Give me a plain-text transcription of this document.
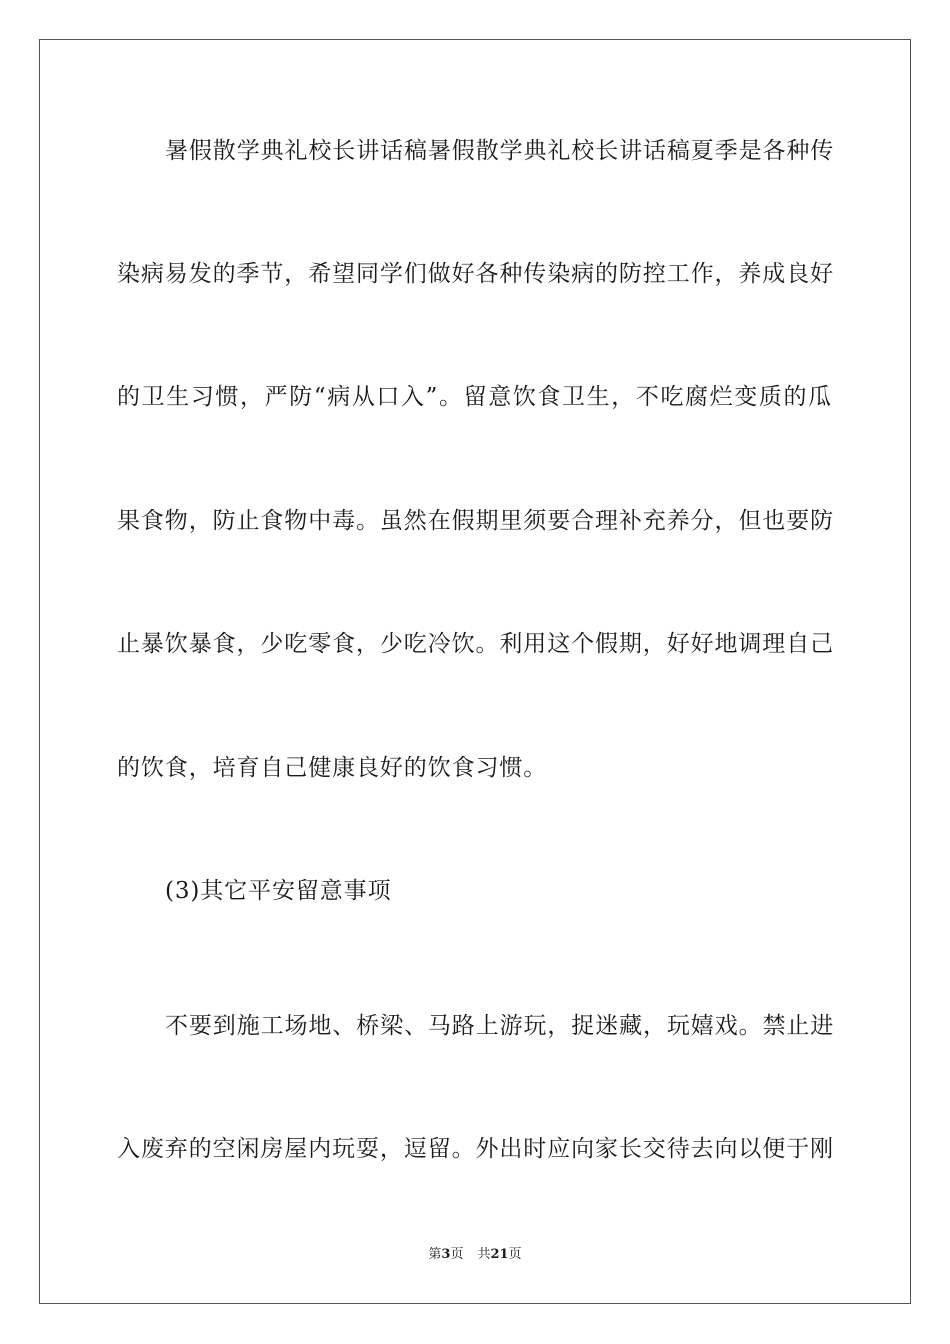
暑假散学典礼校长讲话稿暑假散学典礼校长讲话稿夏季是各种传
染病易发的季节，希望同学们做好各种传染病的防控工作，养成良好
的卫生习惯，严防“病从口入”。留意饮食卫生，不吃腐烂变质的瓜
果食物，防止食物中毒。虽然在假期里须要合理补充养分，但也要防
止暴饮暴食，少吃零食，少吃冷饮。利用这个假期，好好地调理自己
的饮食，培育自己健康良好的饮食习惯。
(3)其它平安留意事项
不要到施工场地、桥梁、马路上游玩，捉迷藏，玩嬉戏。禁止进
入废弃的空闲房屋内玩耍，逗留。外出时应向家长交待去向以便于刚
第3页 共21页
